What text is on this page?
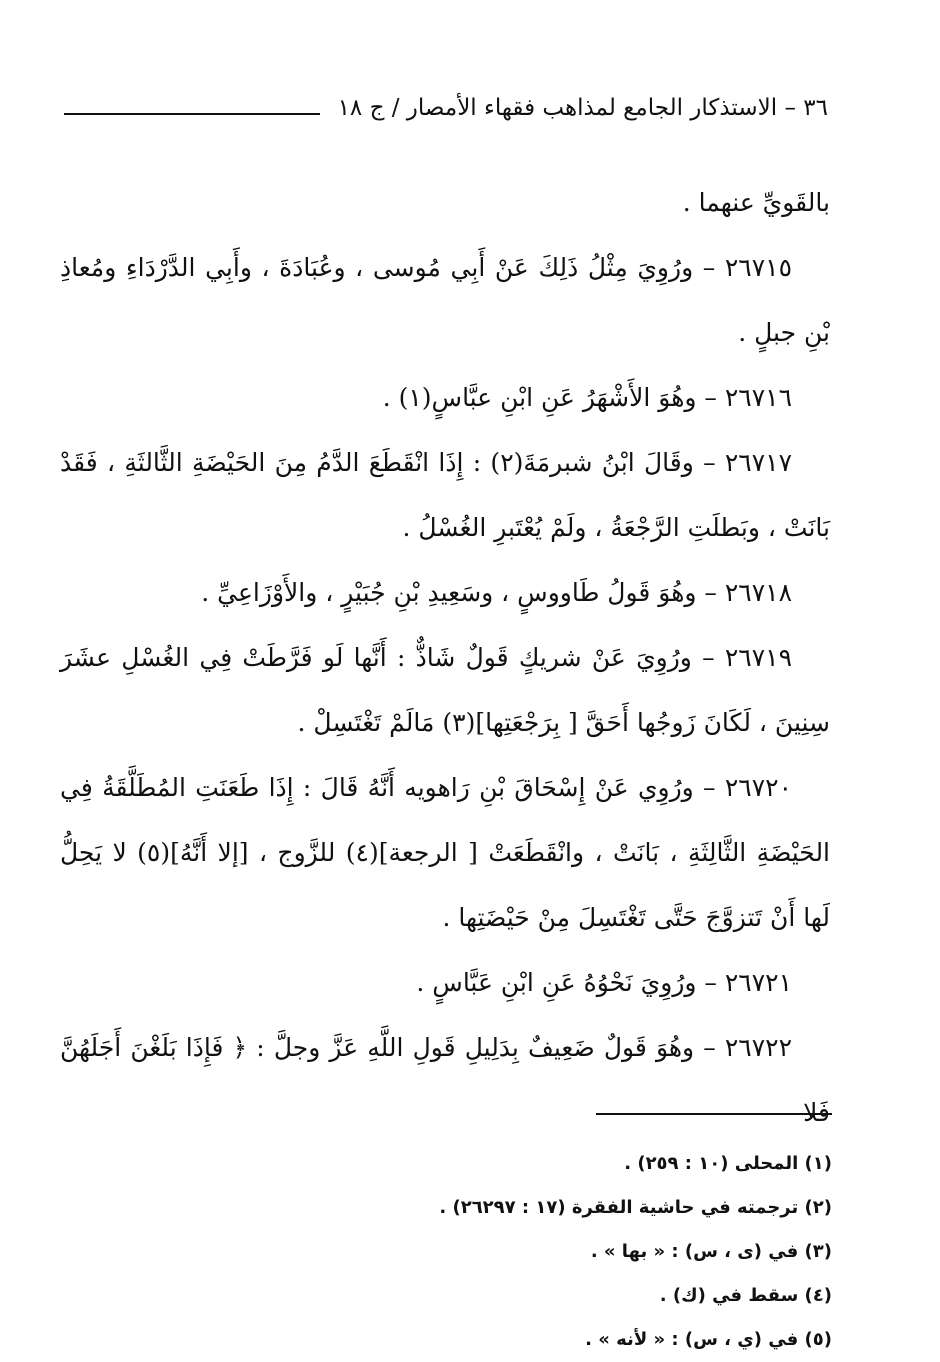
٣٦ – الاستذكار الجامع لمذاهب فقهاء الأمصار / ج ١٨

بالقَويِّ عنهما .

٢٦٧١٥ – ورُوِيَ مِثْلُ ذَلِكَ عَنْ أَبِي مُوسى ، وعُبَادَةَ ، وأَبِي الدَّرْدَاءِ ومُعاذِ بْنِ جبلٍ .

٢٦٧١٦ – وهُوَ الأَشْهَرُ عَنِ ابْنِ عبَّاسٍ(١) .

٢٦٧١٧ – وقَالَ ابْنُ شبرمَةَ(٢) : إِذَا انْقَطَعَ الدَّمُ مِنَ الحَيْضَةِ الثَّالثَةِ ، فَقَدْ بَانَتْ ، وبَطلَتِ الرَّجْعَةُ ، ولَمْ يُعْتَبرِ الغُسْلُ .

٢٦٧١٨ – وهُوَ قَولُ طَاووسٍ ، وسَعِيدِ بْنِ جُبَيْرٍ ، والأَوْزَاعِيِّ .

٢٦٧١٩ – ورُوِيَ عَنْ شريكٍ قَولٌ شَاذٌّ : أَنَّها لَو فَرَّطَتْ فِي الغُسْلِ عشَرَ سِنِينَ ، لَكَانَ زَوجُها أَحَقَّ [ بِرَجْعَتِها](٣) مَالَمْ تَغْتَسِلْ .

٢٦٧٢٠ – ورُوِي عَنْ إِسْحَاقَ بْنِ رَاهويه أَنَّهُ قَالَ : إِذَا طَعَنَتِ المُطَلَّقَةُ فِي الحَيْضَةِ الثَّالِثَةِ ، بَانَتْ ، وانْقَطَعَتْ [ الرجعة](٤) للزَّوج ، [إلا أَنَّهُ](٥) لا يَحِلُّ لَها أَنْ تَتزوَّجَ حَتَّى تَغْتَسِلَ مِنْ حَيْضَتِها .

٢٦٧٢١ – ورُوِيَ نَحْوُهُ عَنِ ابْنِ عَبَّاسٍ .

٢٦٧٢٢ – وهُوَ قَولٌ ضَعِيفٌ بِدَلِيلِ قَولِ اللَّهِ عَزَّ وجلَّ : ﴿ فَإِذَا بَلَغْنَ أَجَلَهُنَّ فَلا

(١) المحلى (١٠ : ٢٥٩) .
(٢) ترجمته في حاشية الفقرة (١٧ : ٢٦٢٩٧) .
(٣) في (ى ، س) : « بها » .
(٤) سقط في (ك) .
(٥) في (ي ، س) : « لأنه » .
